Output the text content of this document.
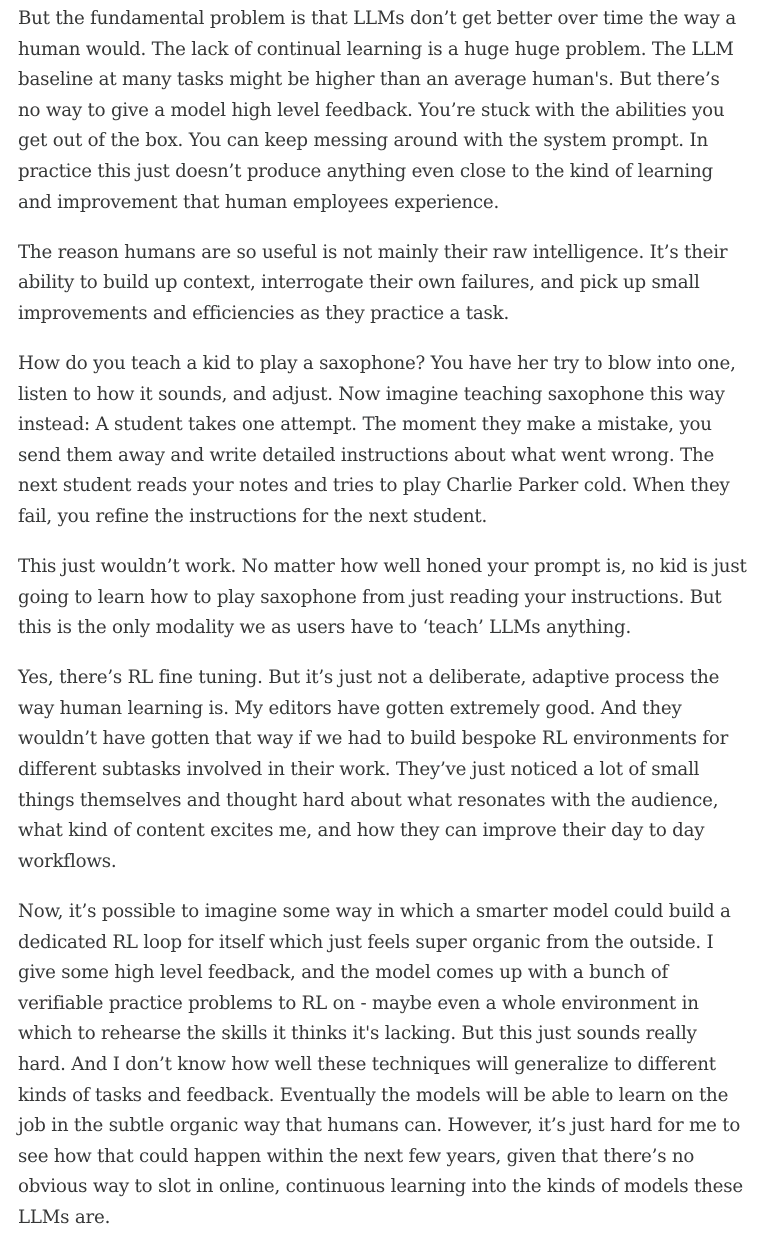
But the fundamental problem is that LLMs don’t get better over time the way a human would. The lack of continual learning is a huge huge problem. The LLM baseline at many tasks might be higher than an average human's. But there’s no way to give a model high level feedback. You’re stuck with the abilities you get out of the box. You can keep messing around with the system prompt. In practice this just doesn’t produce anything even close to the kind of learning and improvement that human employees experience.

The reason humans are so useful is not mainly their raw intelligence. It’s their ability to build up context, interrogate their own failures, and pick up small improvements and efficiencies as they practice a task.

How do you teach a kid to play a saxophone? You have her try to blow into one, listen to how it sounds, and adjust. Now imagine teaching saxophone this way instead: A student takes one attempt. The moment they make a mistake, you send them away and write detailed instructions about what went wrong. The next student reads your notes and tries to play Charlie Parker cold. When they fail, you refine the instructions for the next student.

This just wouldn’t work. No matter how well honed your prompt is, no kid is just going to learn how to play saxophone from just reading your instructions. But this is the only modality we as users have to ‘teach’ LLMs anything.

Yes, there’s RL fine tuning. But it’s just not a deliberate, adaptive process the way human learning is. My editors have gotten extremely good. And they wouldn’t have gotten that way if we had to build bespoke RL environments for different subtasks involved in their work. They’ve just noticed a lot of small things themselves and thought hard about what resonates with the audience, what kind of content excites me, and how they can improve their day to day workflows.

Now, it’s possible to imagine some way in which a smarter model could build a dedicated RL loop for itself which just feels super organic from the outside. I give some high level feedback, and the model comes up with a bunch of verifiable practice problems to RL on - maybe even a whole environment in which to rehearse the skills it thinks it's lacking. But this just sounds really hard. And I don’t know how well these techniques will generalize to different kinds of tasks and feedback. Eventually the models will be able to learn on the job in the subtle organic way that humans can. However, it’s just hard for me to see how that could happen within the next few years, given that there’s no obvious way to slot in online, continuous learning into the kinds of models these LLMs are.
